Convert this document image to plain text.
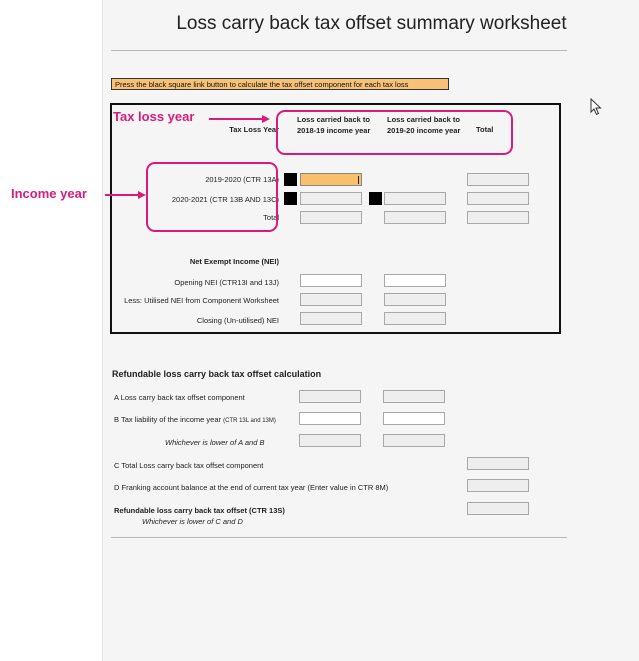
Loss carry back tax offset summary worksheet
Press the black square link button to calculate the tax offset component for each tax loss
Tax Loss Year
Loss carried back to 2018-19 income year
Loss carried back to 2019-20 income year	Total
2019-2020 (CTR 13A)
2020-2021 (CTR 13B AND 13C)
Total
Net Exempt Income (NEI)
Opening NEI (CTR13I and 13J)
Less: Utilised NEI from Component Worksheet
Closing (Un-utilised) NEI
Refundable loss carry back tax offset calculation
A Loss carry back tax offset component
B Tax liability of the income year (CTR 13L and 13M)
Whichever is lower of A and B
C Total Loss carry back tax offset component
D Franking account balance at the end of current tax year (Enter value in CTR 8M)
Refundable loss carry back tax offset (CTR 13S)
Whichever is lower of C and D
Tax loss year
Income year
